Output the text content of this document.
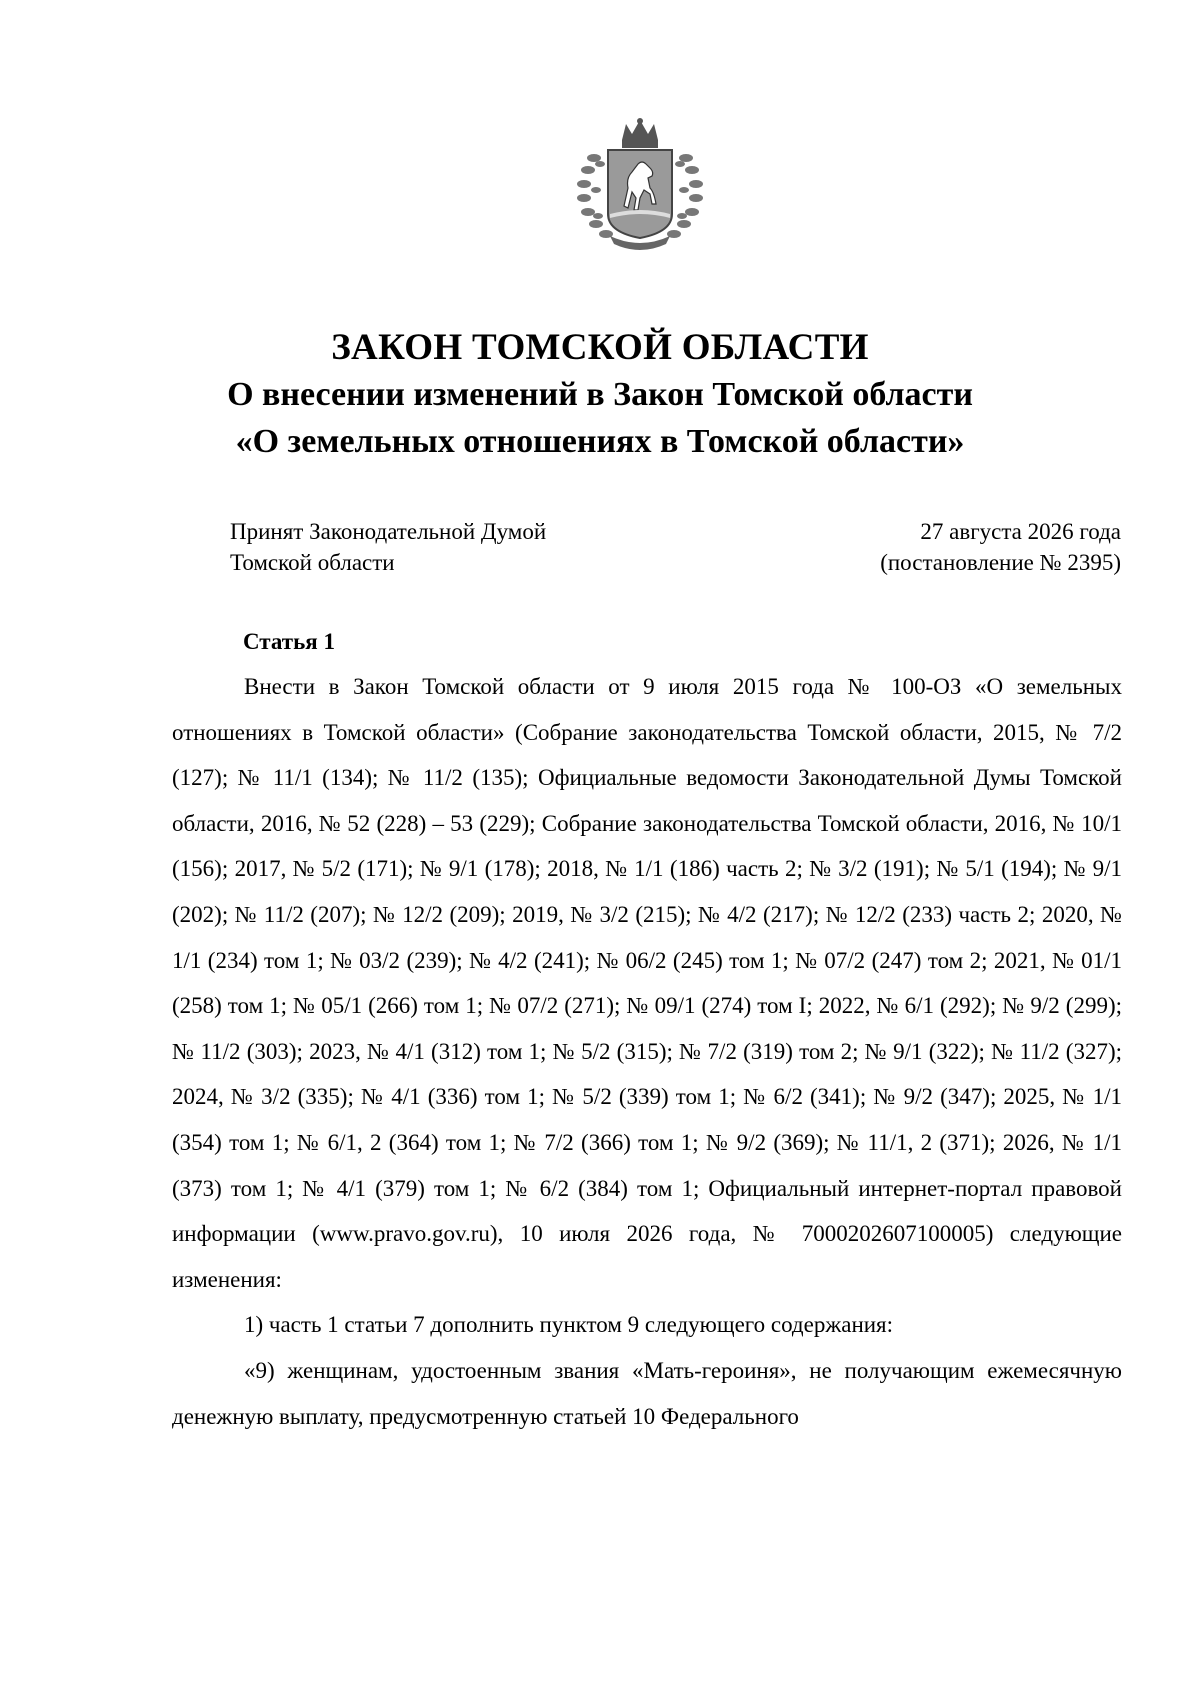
ЗАКОН ТОМСКОЙ ОБЛАСТИ
О внесении изменений в Закон Томской области
«О земельных отношениях в Томской области»
Принят Законодательной Думой
Томской области
27 августа 2026 года
(постановление № 2395)
Статья 1

Внести в Закон Томской области от 9 июля 2015 года № 100-ОЗ «О земельных отношениях в Томской области» (Собрание законодательства Томской области, 2015, № 7/2 (127); № 11/1 (134); № 11/2 (135); Официальные ведомости Законодательной Думы Томской области, 2016, № 52 (228) – 53 (229); Собрание законодательства Томской области, 2016, № 10/1 (156); 2017, № 5/2 (171); № 9/1 (178); 2018, № 1/1 (186) часть 2; № 3/2 (191); № 5/1 (194); № 9/1 (202); № 11/2 (207); № 12/2 (209); 2019, № 3/2 (215); № 4/2 (217); № 12/2 (233) часть 2; 2020, № 1/1 (234) том 1; № 03/2 (239); № 4/2 (241); № 06/2 (245) том 1; № 07/2 (247) том 2; 2021, № 01/1 (258) том 1; № 05/1 (266) том 1; № 07/2 (271); № 09/1 (274) том I; 2022, № 6/1 (292); № 9/2 (299); № 11/2 (303); 2023, № 4/1 (312) том 1; № 5/2 (315); № 7/2 (319) том 2; № 9/1 (322); № 11/2 (327); 2024, № 3/2 (335); № 4/1 (336) том 1; № 5/2 (339) том 1; № 6/2 (341); № 9/2 (347); 2025, № 1/1 (354) том 1; № 6/1, 2 (364) том 1; № 7/2 (366) том 1; № 9/2 (369); № 11/1, 2 (371); 2026, № 1/1 (373) том 1; № 4/1 (379) том 1; № 6/2 (384) том 1; Официальный интернет-портал правовой информации (www.pravo.gov.ru), 10 июля 2026 года, № 7000202607100005) следующие изменения:

1) часть 1 статьи 7 дополнить пунктом 9 следующего содержания:

«9) женщинам, удостоенным звания «Мать-героиня», не получающим ежемесячную денежную выплату, предусмотренную статьей 10 Федерального
